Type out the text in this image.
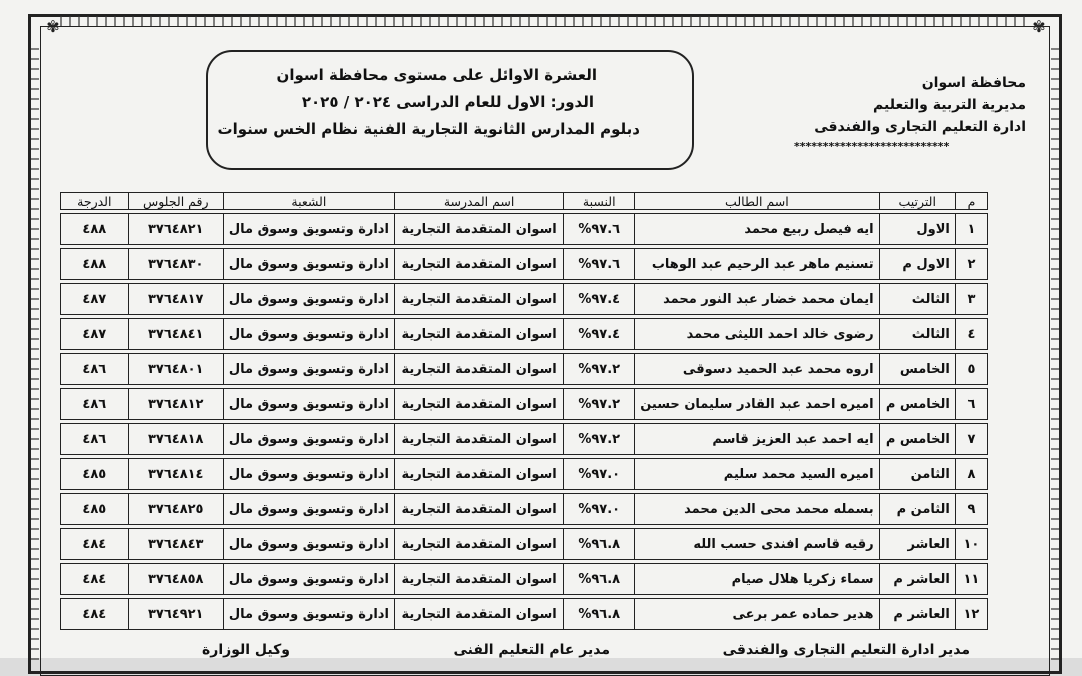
✾	✾
العشرة الاوائل على مستوى محافظة اسوان
الدور: الاول للعام الدراسى ٢٠٢٤ / ٢٠٢٥
دبلوم المدارس الثانوية التجارية الفنية نظام الخس سنوات
محافظة اسوان
مديرية التربية والتعليم
ادارة التعليم التجارى والفندقى
***************************
م	الترتيب	اسم الطالب	النسبة	اسم المدرسة	الشعبة	رقم الجلوس	الدرجة

١	الاول	ايه فيصل ربيع محمد	٩٧.٦%	اسوان المتقدمة التجارية	ادارة وتسويق وسوق مال	٣٧٦٤٨٢١	٤٨٨

٢	الاول م	تسنيم ماهر عبد الرحيم عبد الوهاب	٩٧.٦%	اسوان المتقدمة التجارية	ادارة وتسويق وسوق مال	٣٧٦٤٨٣٠	٤٨٨

٣	الثالث	ايمان محمد خضار عبد النور محمد	٩٧.٤%	اسوان المتقدمة التجارية	ادارة وتسويق وسوق مال	٣٧٦٤٨١٧	٤٨٧

٤	الثالث	رضوى خالد احمد الليثى محمد	٩٧.٤%	اسوان المتقدمة التجارية	ادارة وتسويق وسوق مال	٣٧٦٤٨٤١	٤٨٧

٥	الخامس	اروه محمد عبد الحميد دسوقى	٩٧.٢%	اسوان المتقدمة التجارية	ادارة وتسويق وسوق مال	٣٧٦٤٨٠١	٤٨٦

٦	الخامس م	اميره احمد عبد القادر سليمان حسين	٩٧.٢%	اسوان المتقدمة التجارية	ادارة وتسويق وسوق مال	٣٧٦٤٨١٢	٤٨٦

٧	الخامس م	ايه احمد عبد العزيز قاسم	٩٧.٢%	اسوان المتقدمة التجارية	ادارة وتسويق وسوق مال	٣٧٦٤٨١٨	٤٨٦

٨	الثامن	اميره السيد محمد سليم	٩٧.٠%	اسوان المتقدمة التجارية	ادارة وتسويق وسوق مال	٣٧٦٤٨١٤	٤٨٥

٩	الثامن م	بسمله محمد محى الدين محمد	٩٧.٠%	اسوان المتقدمة التجارية	ادارة وتسويق وسوق مال	٣٧٦٤٨٢٥	٤٨٥

١٠	العاشر	رقيه قاسم افندى حسب الله	٩٦.٨%	اسوان المتقدمة التجارية	ادارة وتسويق وسوق مال	٣٧٦٤٨٤٣	٤٨٤

١١	العاشر م	سماء زكريا هلال صيام	٩٦.٨%	اسوان المتقدمة التجارية	ادارة وتسويق وسوق مال	٣٧٦٤٨٥٨	٤٨٤

١٢	العاشر م	هدير حماده عمر برعى	٩٦.٨%	اسوان المتقدمة التجارية	ادارة وتسويق وسوق مال	٣٧٦٤٩٢١	٤٨٤
مدير ادارة التعليم التجارى والفندقى
مدير عام التعليم الفنى
وكيل الوزارة
